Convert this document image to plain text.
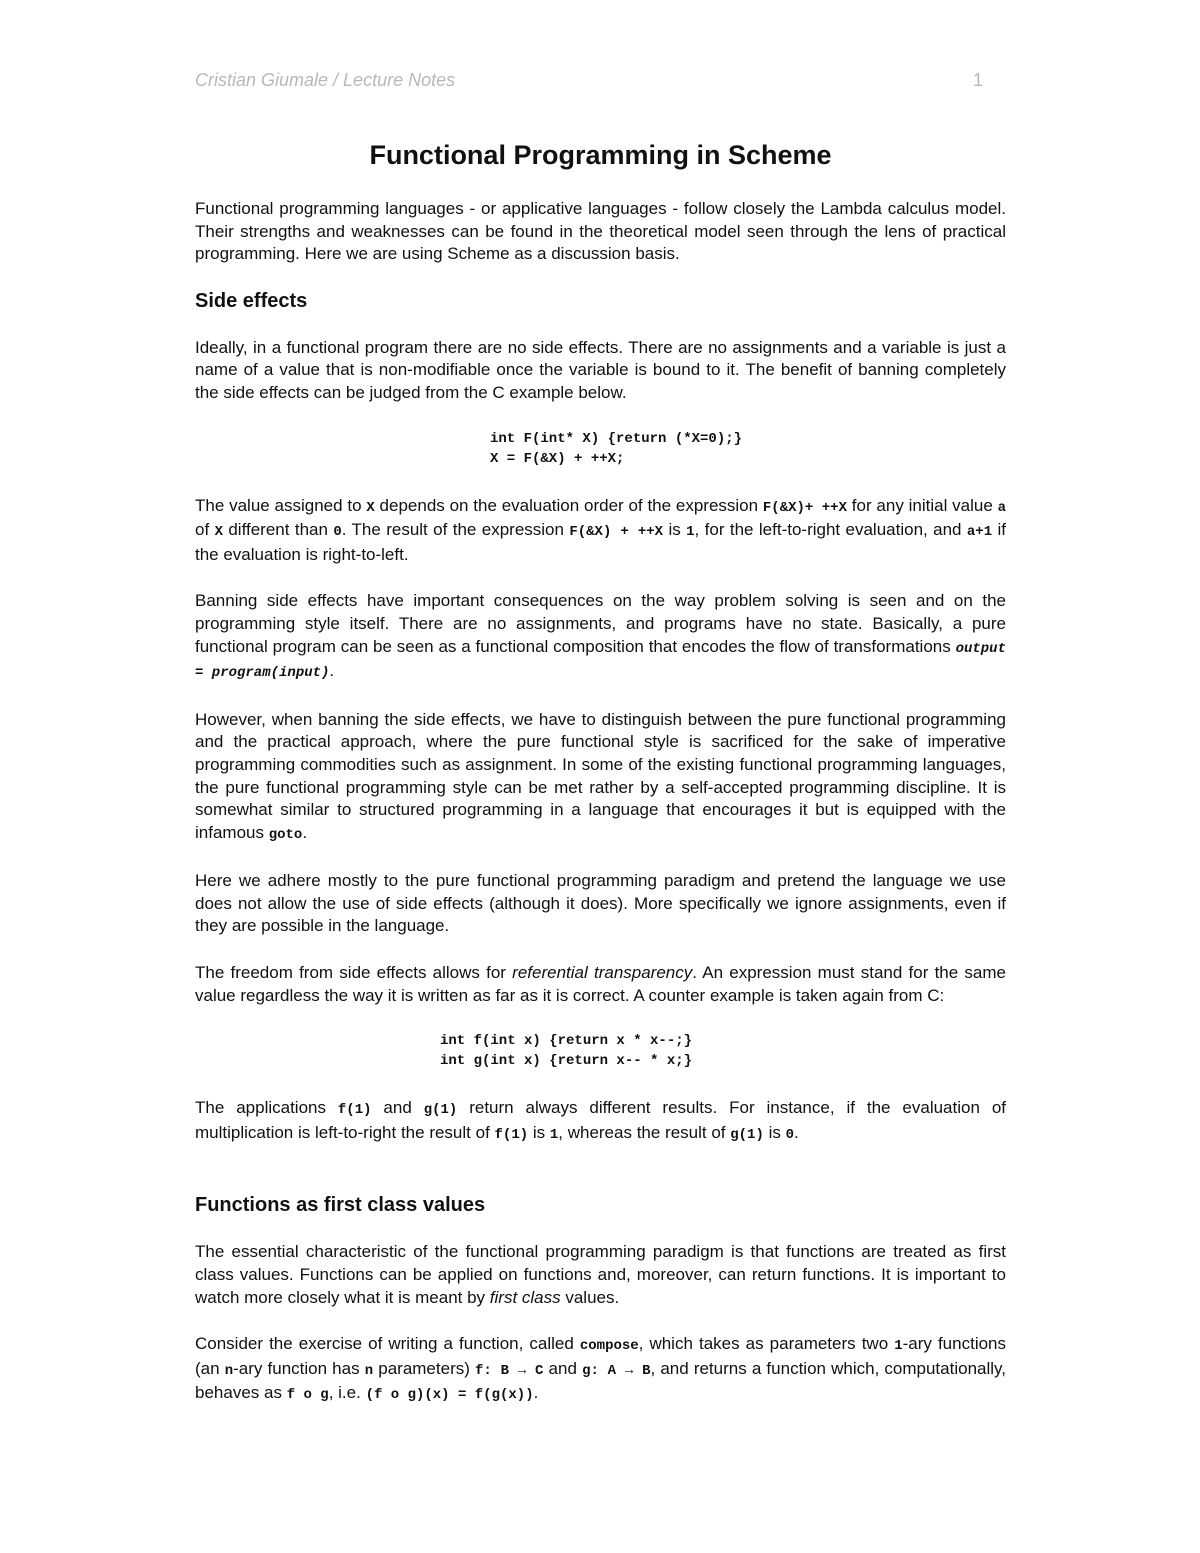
Cristian Giumale / Lecture Notes	1
Functional Programming in Scheme

Functional programming languages - or applicative languages - follow closely the Lambda calculus model. Their strengths and weaknesses can be found in the theoretical model seen through the lens of practical programming. Here we are using Scheme as a discussion basis.

Side effects

Ideally, in a functional program there are no side effects. There are no assignments and a variable is just a name of a value that is non-modifiable once the variable is bound to it. The benefit of banning completely the side effects can be judged from the C example below.

int F(int* X) {return (*X=0);}
X = F(&X) + ++X;

The value assigned to X depends on the evaluation order of the expression F(&X)+ ++X for any initial value a of X different than 0. The result of the expression F(&X) + ++X is 1, for the left-to-right evaluation, and a+1 if the evaluation is right-to-left.

Banning side effects have important consequences on the way problem solving is seen and on the programming style itself. There are no assignments, and programs have no state. Basically, a pure functional program can be seen as a functional composition that encodes the flow of transformations output = program(input).

However, when banning the side effects, we have to distinguish between the pure functional programming and the practical approach, where the pure functional style is sacrificed for the sake of imperative programming commodities such as assignment. In some of the existing functional programming languages, the pure functional programming style can be met rather by a self-accepted programming discipline. It is somewhat similar to structured programming in a language that encourages it but is equipped with the infamous goto.

Here we adhere mostly to the pure functional programming paradigm and pretend the language we use does not allow the use of side effects (although it does). More specifically we ignore assignments, even if they are possible in the language.

The freedom from side effects allows for referential transparency. An expression must stand for the same value regardless the way it is written as far as it is correct. A counter example is taken again from C:

int f(int x) {return x * x--;}
int g(int x) {return x-- * x;}

The applications f(1) and g(1) return always different results. For instance, if the evaluation of multiplication is left-to-right the result of f(1) is 1, whereas the result of g(1) is 0.

Functions as first class values

The essential characteristic of the functional programming paradigm is that functions are treated as first class values. Functions can be applied on functions and, moreover, can return functions. It is important to watch more closely what it is meant by first class values.

Consider the exercise of writing a function, called compose, which takes as parameters two 1-ary functions (an n-ary function has n parameters) f: B → C and g: A → B, and returns a function which, computationally, behaves as f o g, i.e. (f o g)(x) = f(g(x)).
